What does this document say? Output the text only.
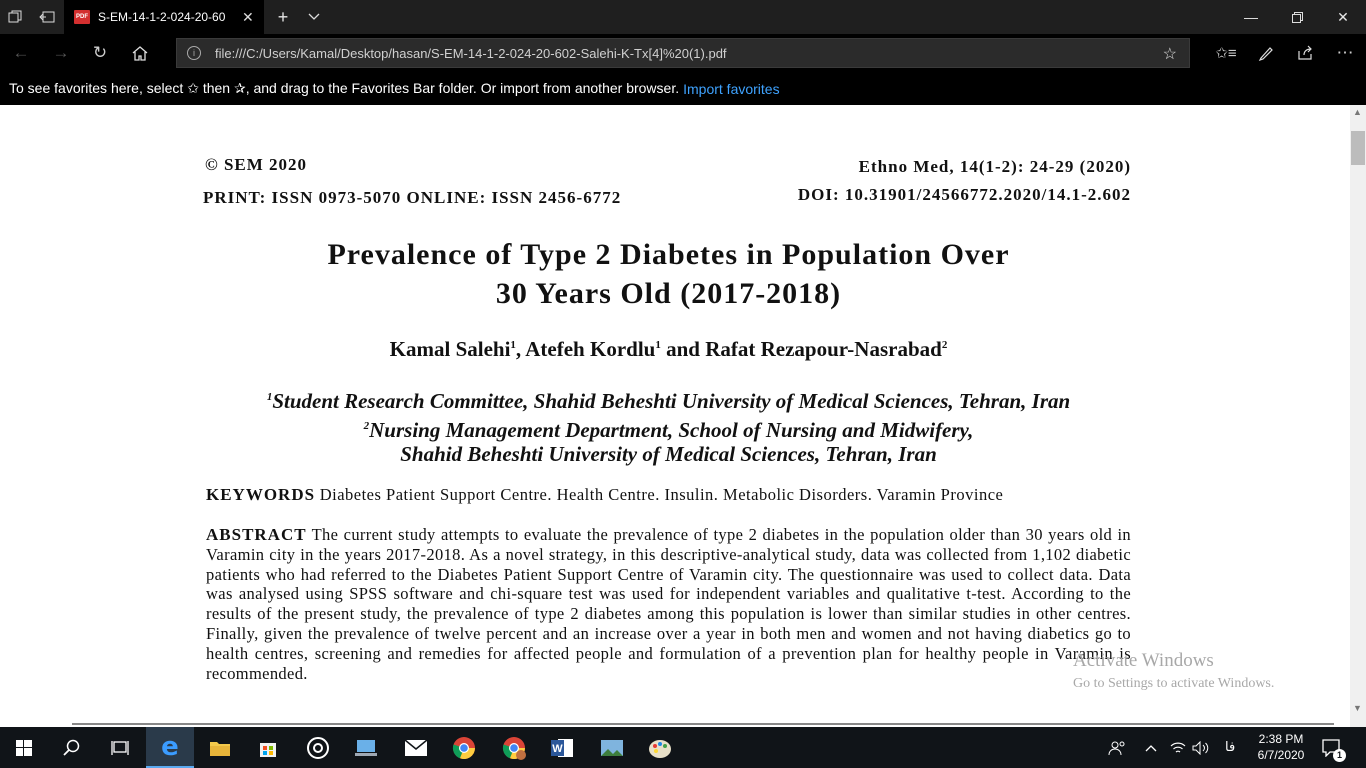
PDF S-EM-14-1-2-024-20-60	✕	+	—	✕
← →	↻	i	file:///C:/Users/Kamal/Desktop/hasan/S-EM-14-1-2-024-20-602-Salehi-K-Tx[4]%20(1).pdf	☆	✩≡	⋯
To see favorites here, select ✩ then ✰, and drag to the Favorites Bar folder. Or import from another browser. Import favorites
© SEM 2020	Ethno Med, 14(1-2): 24-29 (2020)
PRINT: ISSN 0973-5070 ONLINE: ISSN 2456-6772	DOI: 10.31901/24566772.2020/14.1-2.602
Prevalence of Type 2 Diabetes in Population Over
30 Years Old (2017-2018)
Kamal Salehi$^1$, Atefeh Kordlu$^1$ and Rafat Rezapour-Nasrabad$^2$
$^1$Student Research Committee, Shahid Beheshti University of Medical Sciences, Tehran, Iran
$^2$Nursing Management Department, School of Nursing and Midwifery,
Shahid Beheshti University of Medical Sciences, Tehran, Iran
KEYWORDS Diabetes Patient Support Centre. Health Centre. Insulin. Metabolic Disorders. Varamin Province
ABSTRACT The current study attempts to evaluate the prevalence of type 2 diabetes in the population older than 30 years old in Varamin city in the years 2017-2018. As a novel strategy, in this descriptive-analytical study, data was collected from 1,102 diabetic patients who had referred to the Diabetes Patient Support Centre of Varamin city. The questionnaire was used to collect data. Data was analysed using SPSS software and chi-square test was used for independent variables and qualitative t-test. According to the results of the present study, the prevalence of type 2 diabetes among this population is lower than similar studies in other centres. Finally, given the prevalence of twelve percent and an increase over a year in both men and women and not having diabetics go to health centres, screening and remedies for affected people and formulation of a prevention plan for healthy people in Varamin is recommended.
Activate Windows
Go to Settings to activate Windows.
▲
▼
e	W	فا
2:38 PM
6/7/2020	1
